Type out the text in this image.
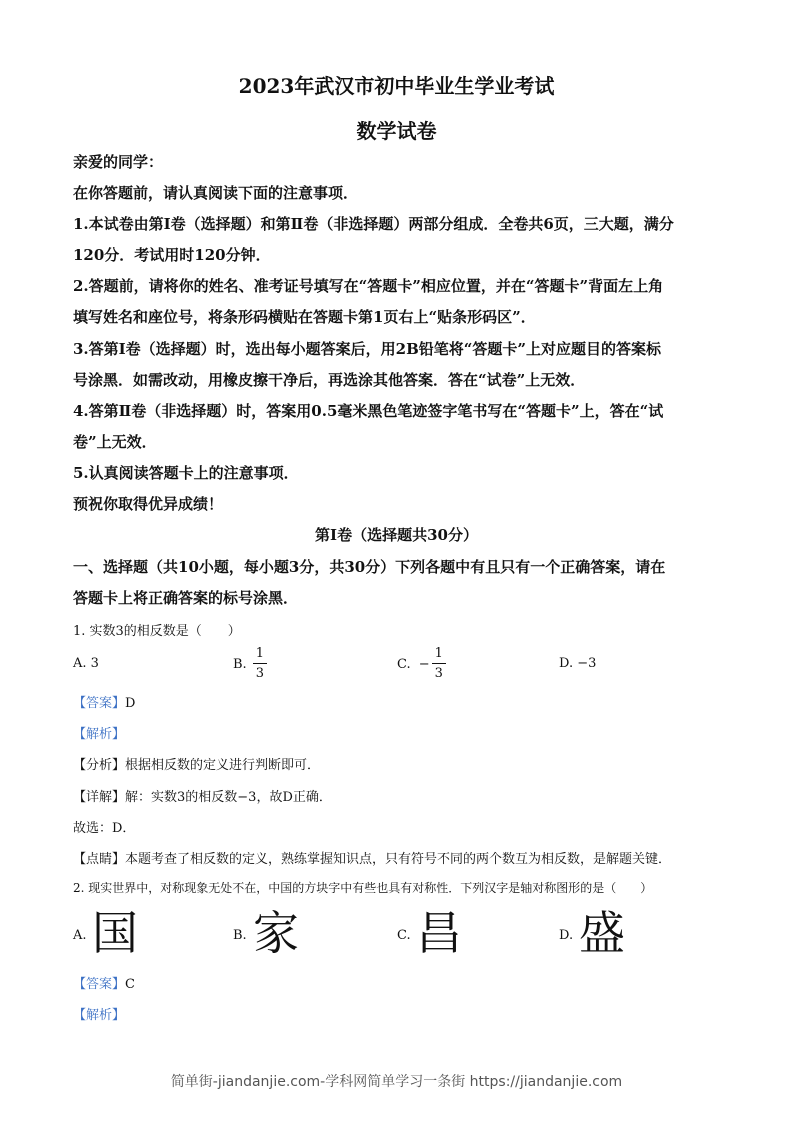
2023年武汉市初中毕业生学业考试
数学试卷
亲爱的同学：
在你答题前，请认真阅读下面的注意事项．
1.本试卷由第Ⅰ卷（选择题）和第Ⅱ卷（非选择题）两部分组成．全卷共6页，三大题，满分
120分．考试用时120分钟．
2.答题前，请将你的姓名、准考证号填写在“答题卡”相应位置，并在“答题卡”背面左上角
填写姓名和座位号，将条形码横贴在答题卡第1页右上“贴条形码区”．
3.答第Ⅰ卷（选择题）时，选出每小题答案后，用2B铅笔将“答题卡”上对应题目的答案标
号涂黑．如需改动，用橡皮擦干净后，再选涂其他答案．答在“试卷”上无效．
4.答第Ⅱ卷（非选择题）时，答案用0.5毫米黑色笔迹签字笔书写在“答题卡”上，答在“试
卷”上无效．
5.认真阅读答题卡上的注意事项．
预祝你取得优异成绩！
第Ⅰ卷（选择题共30分）
一、选择题（共10小题，每小题3分，共30分）下列各题中有且只有一个正确答案，请在
答题卡上将正确答案的标号涂黑．
1. 实数3的相反数是（　　）
A. 3	B. $\frac{1}{3}$	C. − $\frac{1}{3}$	D. −3
【答案】D
【解析】
【分析】根据相反数的定义进行判断即可．
【详解】解：实数3的相反数−3，故D正确．
故选：D．
【点睛】本题考查了相反数的定义，熟练掌握知识点，只有符号不同的两个数互为相反数，是解题关键．
2. 现实世界中，对称现象无处不在，中国的方块字中有些也具有对称性．下列汉字是轴对称图形的是（　　）
A. 国	B. 家	C. 昌	D. 盛
【答案】C
【解析】
简单街-jiandanjie.com-学科网简单学习一条街 https://jiandanjie.com
